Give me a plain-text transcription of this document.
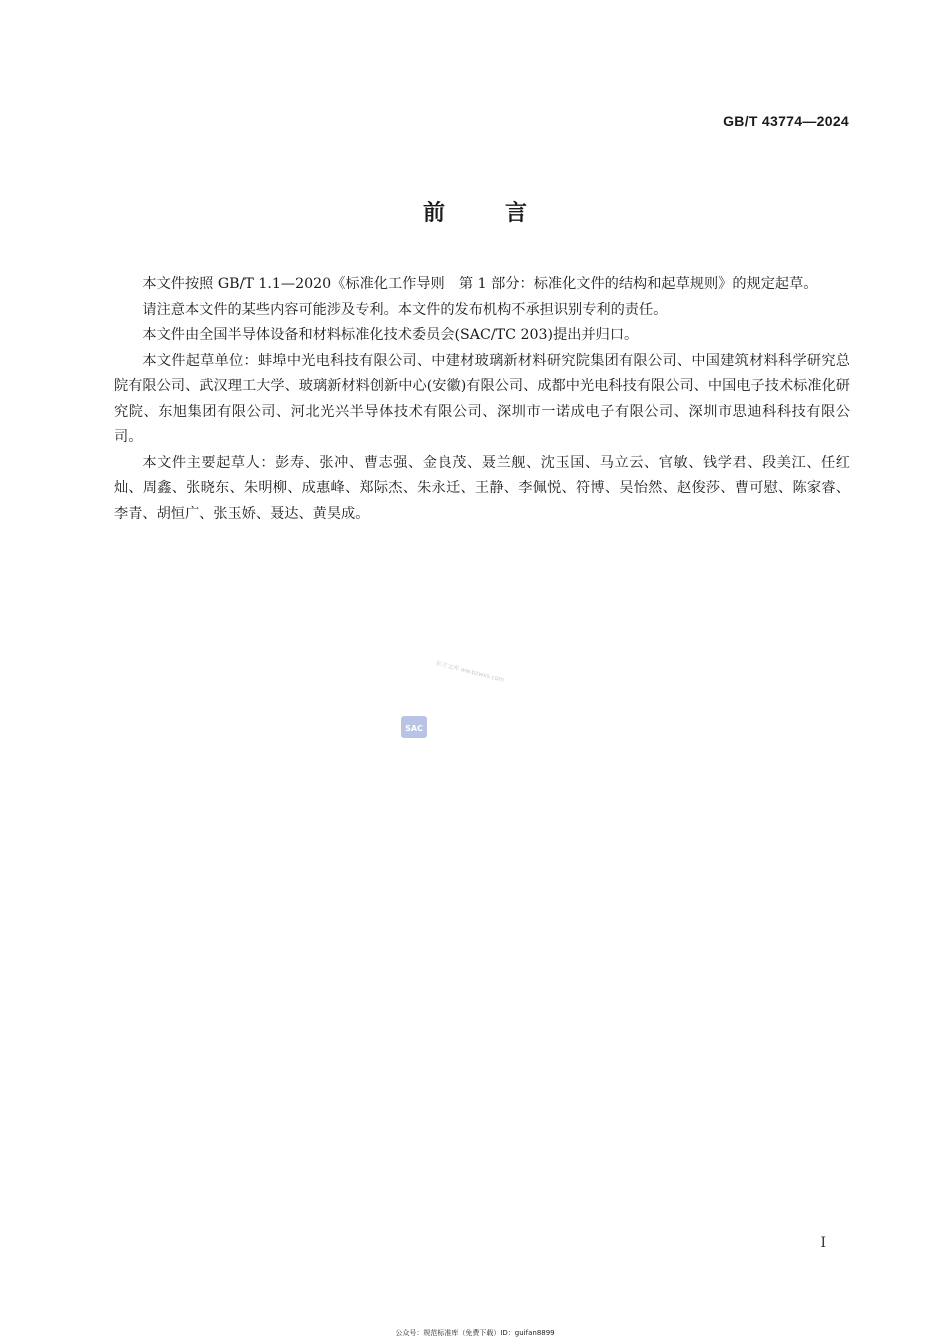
GB/T 43774—2024
前言

本文件按照 GB/T 1.1—2020《标准化工作导则　第 1 部分：标准化文件的结构和起草规则》的规定起草。

请注意本文件的某些内容可能涉及专利。本文件的发布机构不承担识别专利的责任。

本文件由全国半导体设备和材料标准化技术委员会(SAC/TC 203)提出并归口。

本文件起草单位：蚌埠中光电科技有限公司、中建材玻璃新材料研究院集团有限公司、中国建筑材料科学研究总院有限公司、武汉理工大学、玻璃新材料创新中心(安徽)有限公司、成都中光电科技有限公司、中国电子技术标准化研究院、东旭集团有限公司、河北光兴半导体技术有限公司、深圳市一诺成电子有限公司、深圳市思迪科科技有限公司。

本文件主要起草人：彭寿、张冲、曹志强、金良茂、聂兰舰、沈玉国、马立云、官敏、钱学君、段美江、任红灿、周鑫、张晓东、朱明柳、成惠峰、郑际杰、朱永迁、王静、李佩悦、符博、吴怡然、赵俊莎、曹可慰、陈家睿、李青、胡恒广、张玉娇、聂达、黄昊成。

东方文库 ww.bzwxs.com
SAC
I
公众号：规范标准库（免费下载）ID：guifan8899
